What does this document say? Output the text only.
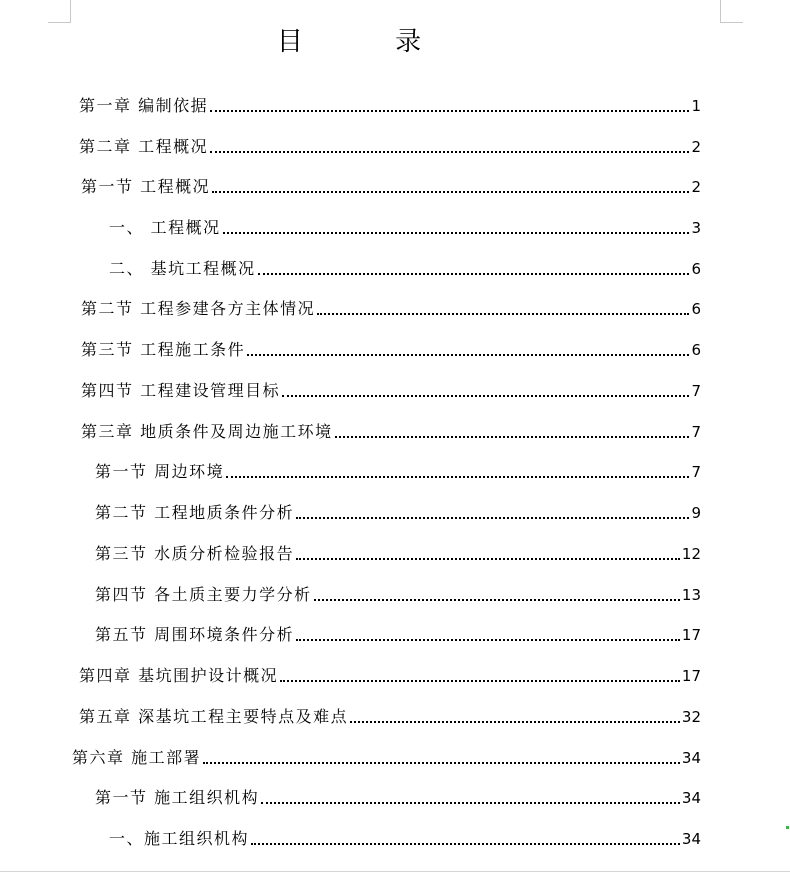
目 录
第一章 编制依据	1
第二章 工程概况	2
第一节 工程概况	2
一、 工程概况	3
二、 基坑工程概况	6
第二节 工程参建各方主体情况	6
第三节 工程施工条件	6
第四节 工程建设管理目标	7
第三章 地质条件及周边施工环境	7
第一节 周边环境	7
第二节 工程地质条件分析	9
第三节 水质分析检验报告	12
第四节 各土质主要力学分析	13
第五节 周围环境条件分析	17
第四章 基坑围护设计概况	17
第五章 深基坑工程主要特点及难点	32
第六章 施工部署	34
第一节 施工组织机构	34
一、施工组织机构	34
